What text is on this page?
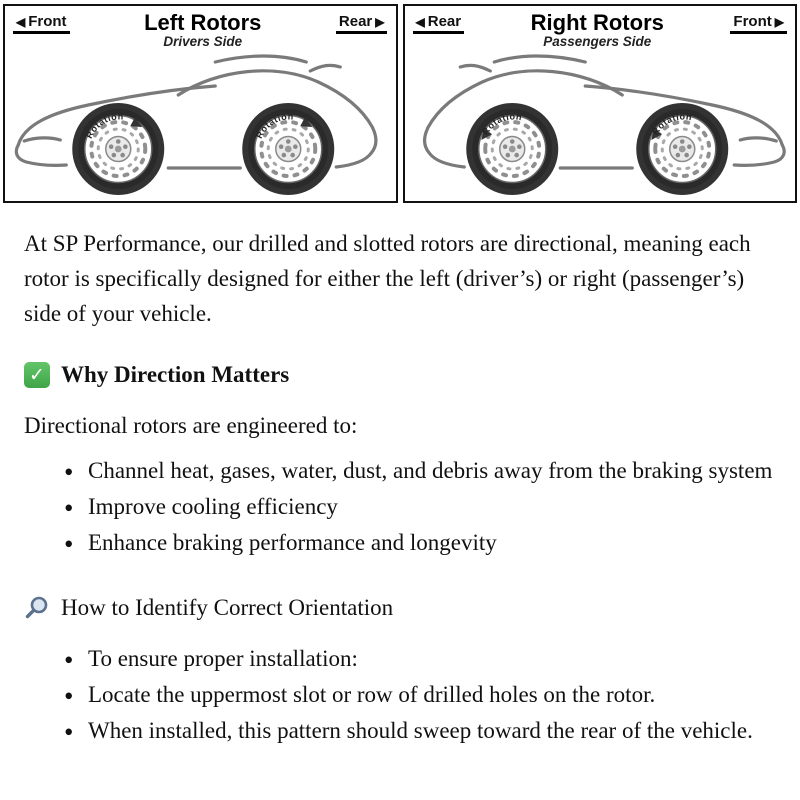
◀ Front	Left Rotors
Drivers Side
Rear ▶
Rotation
Rotation
◀ Rear	Right Rotors
Passengers Side
Front ▶
Rotation
Rotation

At SP Performance, our drilled and slotted rotors are directional, meaning each rotor is specifically designed for either the left (driver’s) or right (passenger’s) side of your vehicle.

✓ Why Direction Matters

Directional rotors are engineered to:

• Channel heat, gases, water, dust, and debris away from the braking system
• Improve cooling efficiency
• Enhance braking performance and longevity
How to Identify Correct Orientation
• To ensure proper installation:
• Locate the uppermost slot or row of drilled holes on the rotor.
• When installed, this pattern should sweep toward the rear of the vehicle.
